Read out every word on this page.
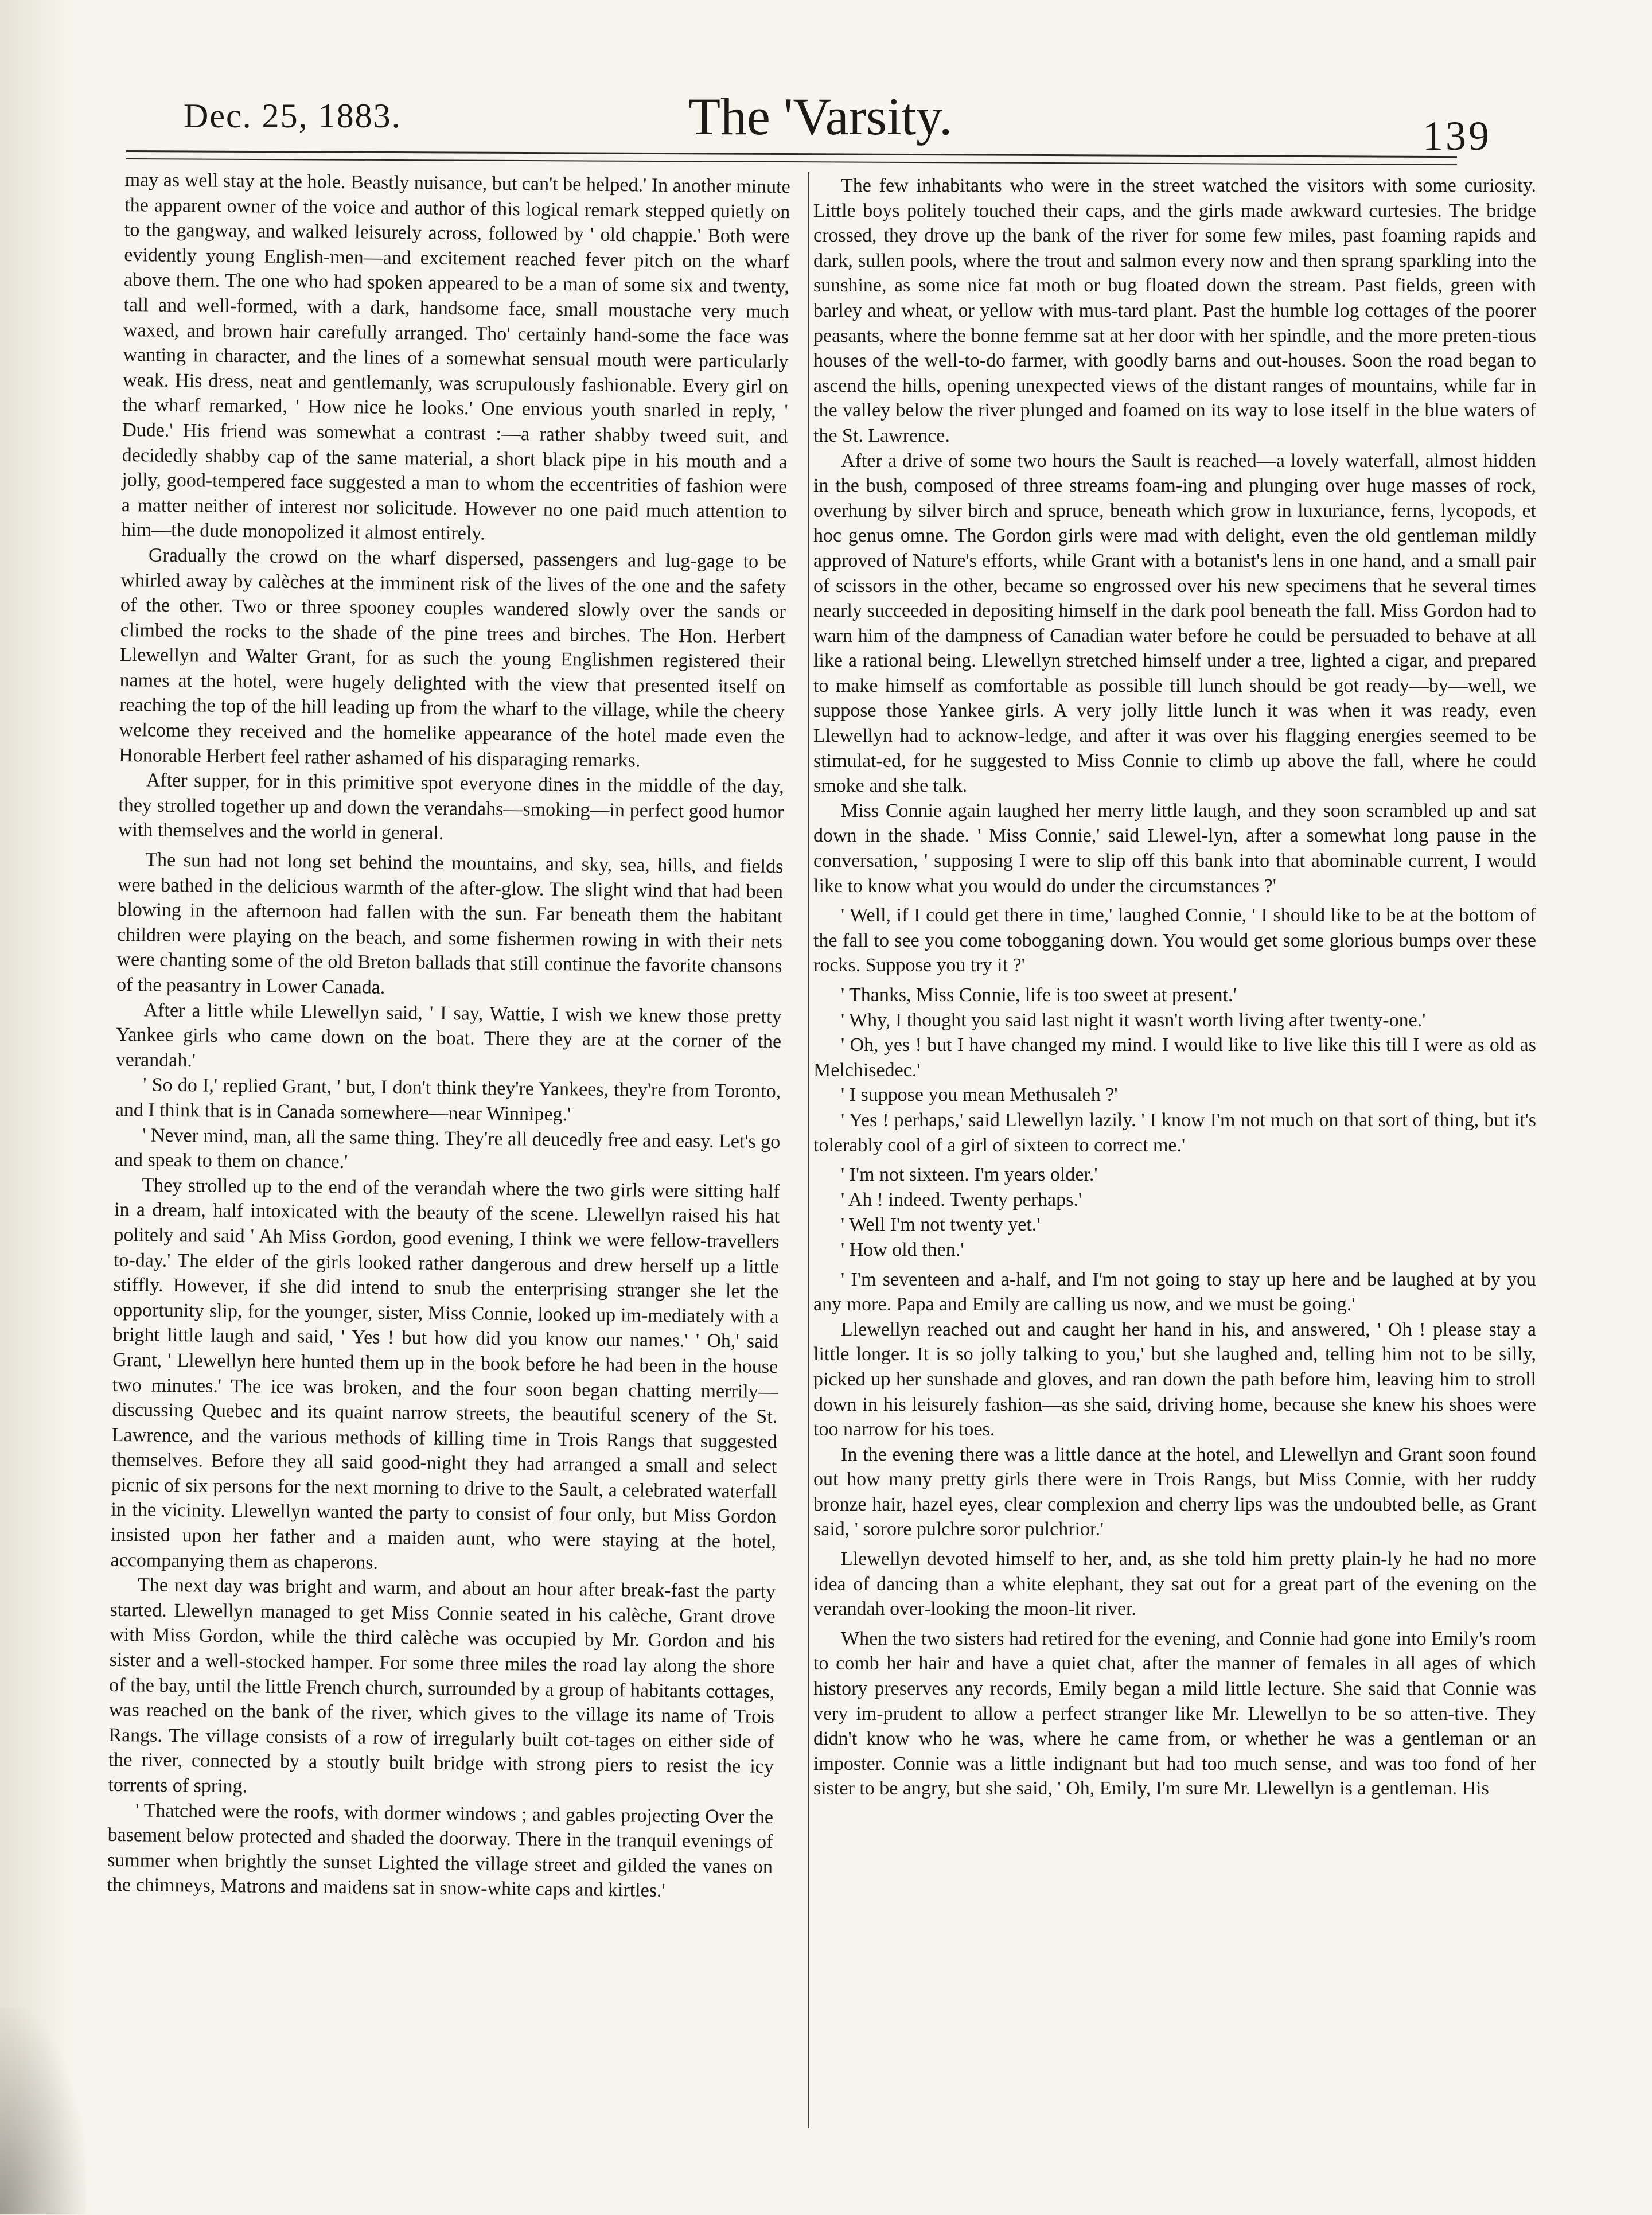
Dec. 25, 1883.	The 'Varsity.	139

may as well stay at the hole. Beastly nuisance, but can't be helped.' In another minute the apparent owner of the voice and author of this logical remark stepped quietly on to the gangway, and walked leisurely across, followed by ' old chappie.' Both were evidently young English-men—and excitement reached fever pitch on the wharf above them. The one who had spoken appeared to be a man of some six and twenty, tall and well-formed, with a dark, handsome face, small moustache very much waxed, and brown hair carefully arranged. Tho' certainly hand-some the face was wanting in character, and the lines of a somewhat sensual mouth were particularly weak. His dress, neat and gentlemanly, was scrupulously fashionable. Every girl on the wharf remarked, ' How nice he looks.' One envious youth snarled in reply, ' Dude.' His friend was somewhat a contrast :—a rather shabby tweed suit, and decidedly shabby cap of the same material, a short black pipe in his mouth and a jolly, good-tempered face suggested a man to whom the eccentrities of fashion were a matter neither of interest nor solicitude. However no one paid much attention to him—the dude monopolized it almost entirely.

Gradually the crowd on the wharf dispersed, passengers and lug-gage to be whirled away by calèches at the imminent risk of the lives of the one and the safety of the other. Two or three spooney couples wandered slowly over the sands or climbed the rocks to the shade of the pine trees and birches. The Hon. Herbert Llewellyn and Walter Grant, for as such the young Englishmen registered their names at the hotel, were hugely delighted with the view that presented itself on reaching the top of the hill leading up from the wharf to the village, while the cheery welcome they received and the homelike appearance of the hotel made even the Honorable Herbert feel rather ashamed of his disparaging remarks.

After supper, for in this primitive spot everyone dines in the middle of the day, they strolled together up and down the verandahs—smoking—in perfect good humor with themselves and the world in general.

The sun had not long set behind the mountains, and sky, sea, hills, and fields were bathed in the delicious warmth of the after-glow. The slight wind that had been blowing in the afternoon had fallen with the sun. Far beneath them the habitant children were playing on the beach, and some fishermen rowing in with their nets were chanting some of the old Breton ballads that still continue the favorite chansons of the peasantry in Lower Canada.

After a little while Llewellyn said, ' I say, Wattie, I wish we knew those pretty Yankee girls who came down on the boat. There they are at the corner of the verandah.'

' So do I,' replied Grant, ' but, I don't think they're Yankees, they're from Toronto, and I think that is in Canada somewhere—near Winnipeg.'

' Never mind, man, all the same thing. They're all deucedly free and easy. Let's go and speak to them on chance.'

They strolled up to the end of the verandah where the two girls were sitting half in a dream, half intoxicated with the beauty of the scene. Llewellyn raised his hat politely and said ' Ah Miss Gordon, good evening, I think we were fellow-travellers to-day.' The elder of the girls looked rather dangerous and drew herself up a little stiffly. However, if she did intend to snub the enterprising stranger she let the opportunity slip, for the younger, sister, Miss Connie, looked up im-mediately with a bright little laugh and said, ' Yes ! but how did you know our names.' ' Oh,' said Grant, ' Llewellyn here hunted them up in the book before he had been in the house two minutes.' The ice was broken, and the four soon began chatting merrily—discussing Quebec and its quaint narrow streets, the beautiful scenery of the St. Lawrence, and the various methods of killing time in Trois Rangs that suggested themselves. Before they all said good-night they had arranged a small and select picnic of six persons for the next morning to drive to the Sault, a celebrated waterfall in the vicinity. Llewellyn wanted the party to consist of four only, but Miss Gordon insisted upon her father and a maiden aunt, who were staying at the hotel, accompanying them as chaperons.

The next day was bright and warm, and about an hour after break-fast the party started. Llewellyn managed to get Miss Connie seated in his calèche, Grant drove with Miss Gordon, while the third calèche was occupied by Mr. Gordon and his sister and a well-stocked hamper. For some three miles the road lay along the shore of the bay, until the little French church, surrounded by a group of habitants cottages, was reached on the bank of the river, which gives to the village its name of Trois Rangs. The village consists of a row of irregularly built cot-tages on either side of the river, connected by a stoutly built bridge with strong piers to resist the icy torrents of spring.

' Thatched were the roofs, with dormer windows ; and gables projecting Over the basement below protected and shaded the doorway. There in the tranquil evenings of summer when brightly the sunset Lighted the village street and gilded the vanes on the chimneys, Matrons and maidens sat in snow-white caps and kirtles.'

The few inhabitants who were in the street watched the visitors with some curiosity. Little boys politely touched their caps, and the girls made awkward curtesies. The bridge crossed, they drove up the bank of the river for some few miles, past foaming rapids and dark, sullen pools, where the trout and salmon every now and then sprang sparkling into the sunshine, as some nice fat moth or bug floated down the stream. Past fields, green with barley and wheat, or yellow with mus-tard plant. Past the humble log cottages of the poorer peasants, where the bonne femme sat at her door with her spindle, and the more preten-tious houses of the well-to-do farmer, with goodly barns and out-houses. Soon the road began to ascend the hills, opening unexpected views of the distant ranges of mountains, while far in the valley below the river plunged and foamed on its way to lose itself in the blue waters of the St. Lawrence.

After a drive of some two hours the Sault is reached—a lovely waterfall, almost hidden in the bush, composed of three streams foam-ing and plunging over huge masses of rock, overhung by silver birch and spruce, beneath which grow in luxuriance, ferns, lycopods, et hoc genus omne. The Gordon girls were mad with delight, even the old gentleman mildly approved of Nature's efforts, while Grant with a botanist's lens in one hand, and a small pair of scissors in the other, became so engrossed over his new specimens that he several times nearly succeeded in depositing himself in the dark pool beneath the fall. Miss Gordon had to warn him of the dampness of Canadian water before he could be persuaded to behave at all like a rational being. Llewellyn stretched himself under a tree, lighted a cigar, and prepared to make himself as comfortable as possible till lunch should be got ready—by—well, we suppose those Yankee girls. A very jolly little lunch it was when it was ready, even Llewellyn had to acknow-ledge, and after it was over his flagging energies seemed to be stimulat-ed, for he suggested to Miss Connie to climb up above the fall, where he could smoke and she talk.

Miss Connie again laughed her merry little laugh, and they soon scrambled up and sat down in the shade. ' Miss Connie,' said Llewel-lyn, after a somewhat long pause in the conversation, ' supposing I were to slip off this bank into that abominable current, I would like to know what you would do under the circumstances ?'

' Well, if I could get there in time,' laughed Connie, ' I should like to be at the bottom of the fall to see you come tobogganing down. You would get some glorious bumps over these rocks. Suppose you try it ?'

' Thanks, Miss Connie, life is too sweet at present.'

' Why, I thought you said last night it wasn't worth living after twenty-one.'

' Oh, yes ! but I have changed my mind. I would like to live like this till I were as old as Melchisedec.'

' I suppose you mean Methusaleh ?'

' Yes ! perhaps,' said Llewellyn lazily. ' I know I'm not much on that sort of thing, but it's tolerably cool of a girl of sixteen to correct me.'

' I'm not sixteen. I'm years older.'

' Ah ! indeed. Twenty perhaps.'

' Well I'm not twenty yet.'

' How old then.'

' I'm seventeen and a-half, and I'm not going to stay up here and be laughed at by you any more. Papa and Emily are calling us now, and we must be going.'

Llewellyn reached out and caught her hand in his, and answered, ' Oh ! please stay a little longer. It is so jolly talking to you,' but she laughed and, telling him not to be silly, picked up her sunshade and gloves, and ran down the path before him, leaving him to stroll down in his leisurely fashion—as she said, driving home, because she knew his shoes were too narrow for his toes.

In the evening there was a little dance at the hotel, and Llewellyn and Grant soon found out how many pretty girls there were in Trois Rangs, but Miss Connie, with her ruddy bronze hair, hazel eyes, clear complexion and cherry lips was the undoubted belle, as Grant said, ' sorore pulchre soror pulchrior.'

Llewellyn devoted himself to her, and, as she told him pretty plain-ly he had no more idea of dancing than a white elephant, they sat out for a great part of the evening on the verandah over-looking the moon-lit river.

When the two sisters had retired for the evening, and Connie had gone into Emily's room to comb her hair and have a quiet chat, after the manner of females in all ages of which history preserves any records, Emily began a mild little lecture. She said that Connie was very im-prudent to allow a perfect stranger like Mr. Llewellyn to be so atten-tive. They didn't know who he was, where he came from, or whether he was a gentleman or an imposter. Connie was a little indignant but had too much sense, and was too fond of her sister to be angry, but she said, ' Oh, Emily, I'm sure Mr. Llewellyn is a gentleman. His
